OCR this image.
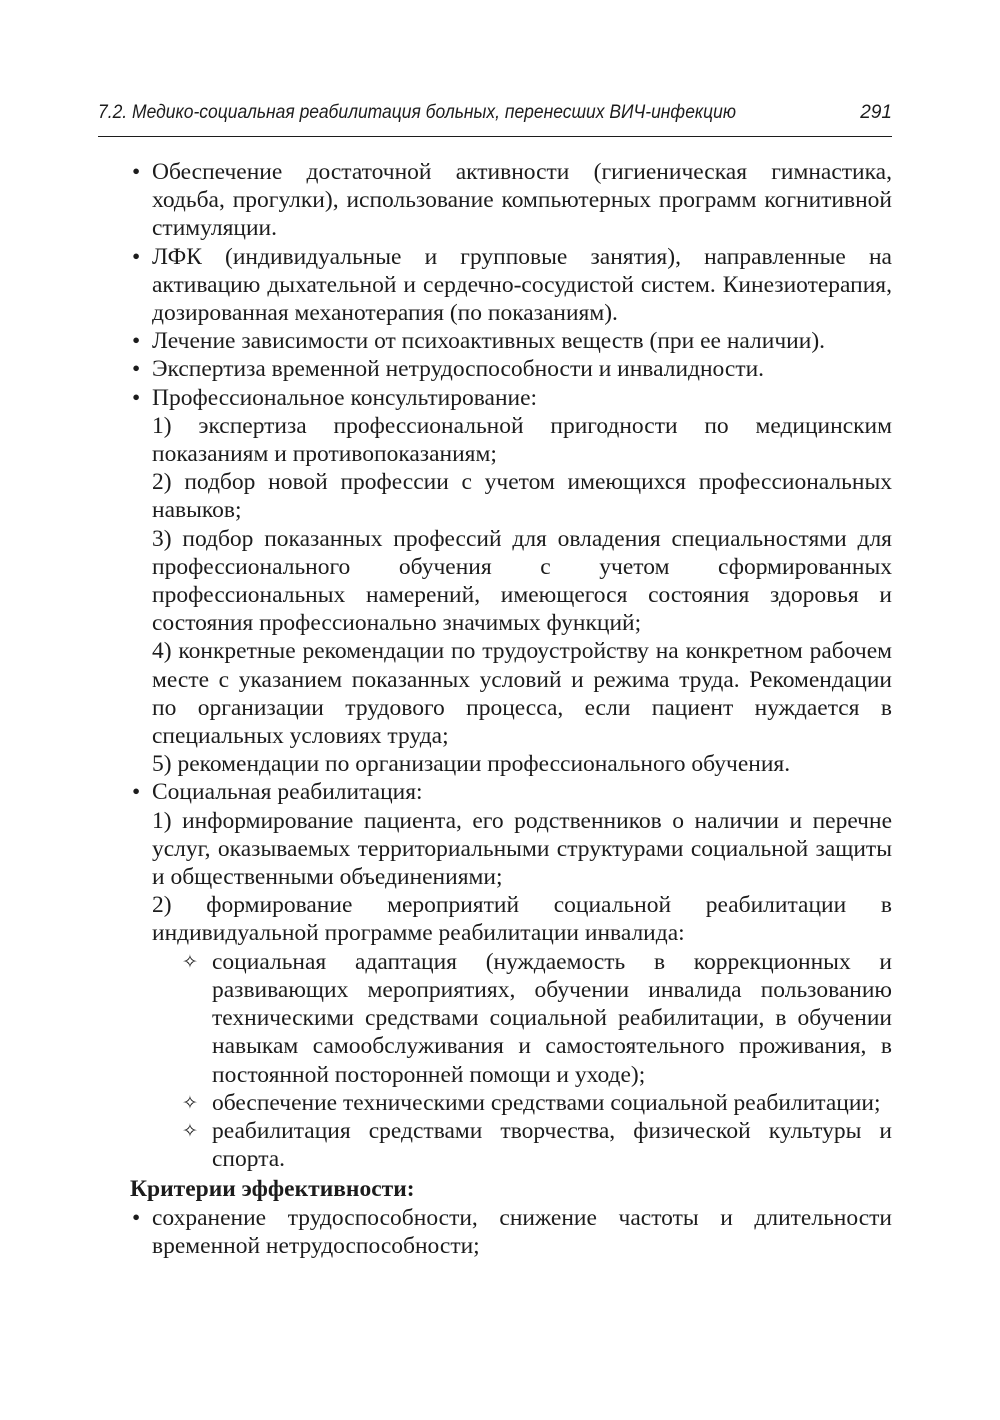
7.2. Медико-социальная реабилитация больных, перенесших ВИЧ-инфекцию	291
• Обеспечение достаточной активности (гигиеническая гимнастика, ходьба, прогулки), использование компьютерных программ когнитивной стимуляции.
• ЛФК (индивидуальные и групповые занятия), направленные на активацию дыхательной и сердечно-сосудистой систем. Кинезиотерапия, дозированная механотерапия (по показаниям).
• Лечение зависимости от психоактивных веществ (при ее наличии).
• Экспертиза временной нетрудоспособности и инвалидности.
• Профессиональное консультирование:
1) экспертиза профессиональной пригодности по медицинским показаниям и противопоказаниям;
2) подбор новой профессии с учетом имеющихся профессиональных навыков;
3) подбор показанных профессий для овладения специальностями для профессионального обучения с учетом сформированных профессиональных намерений, имеющегося состояния здоровья и состояния профессионально значимых функций;
4) конкретные рекомендации по трудоустройству на конкретном рабочем месте с указанием показанных условий и режима труда. Рекомендации по организации трудового процесса, если пациент нуждается в специальных условиях труда;
5) рекомендации по организации профессионального обучения.
• Социальная реабилитация:
1) информирование пациента, его родственников о наличии и перечне услуг, оказываемых территориальными структурами социальной защиты и общественными объединениями;
2) формирование мероприятий социальной реабилитации в индивидуальной программе реабилитации инвалида:
✧ социальная адаптация (нуждаемость в коррекционных и развивающих мероприятиях, обучении инвалида пользованию техническими средствами социальной реабилитации, в обучении навыкам самообслуживания и самостоятельного проживания, в постоянной посторонней помощи и уходе);
✧ обеспечение техническими средствами социальной реабилитации;
✧ реабилитация средствами творчества, физической культуры и спорта.
Критерии эффективности:
• сохранение трудоспособности, снижение частоты и длительности временной нетрудоспособности;
